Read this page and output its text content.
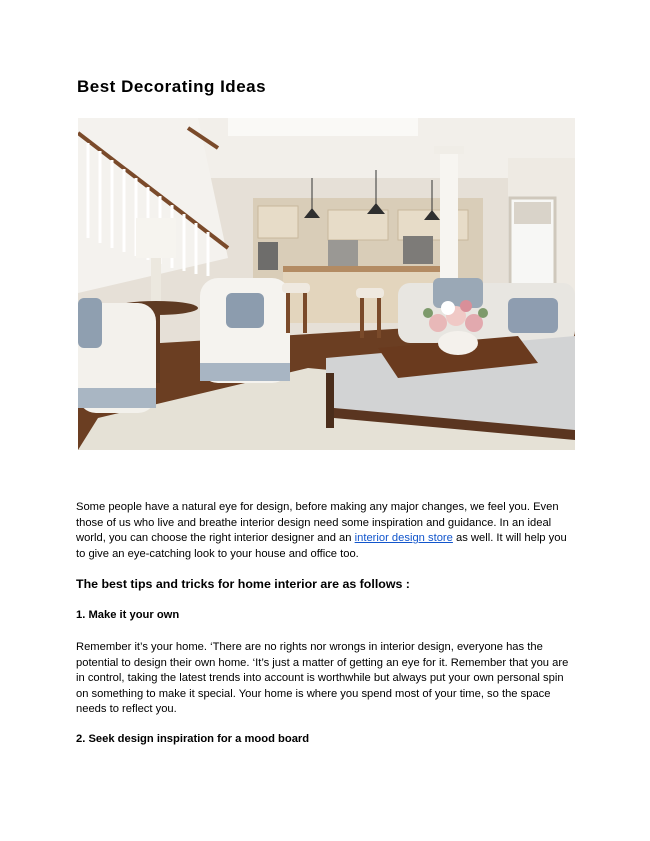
Best Decorating Ideas

Some people have a natural eye for design, before making any major changes, we feel you. Even those of us who live and breathe interior design need some inspiration and guidance. In an ideal world, you can choose the right interior designer and an interior design store as well. It will help you to give an eye-catching look to your house and office too.

The best tips and tricks for home interior are as follows :
1. Make it your own

Remember it’s your home. ‘There are no rights nor wrongs in interior design, everyone has the potential to design their own home. ‘It’s just a matter of getting an eye for it. Remember that you are in control, taking the latest trends into account is worthwhile but always put your own personal spin on something to make it special. Your home is where you spend most of your time, so the space needs to reflect you.

2. Seek design inspiration for a mood board
